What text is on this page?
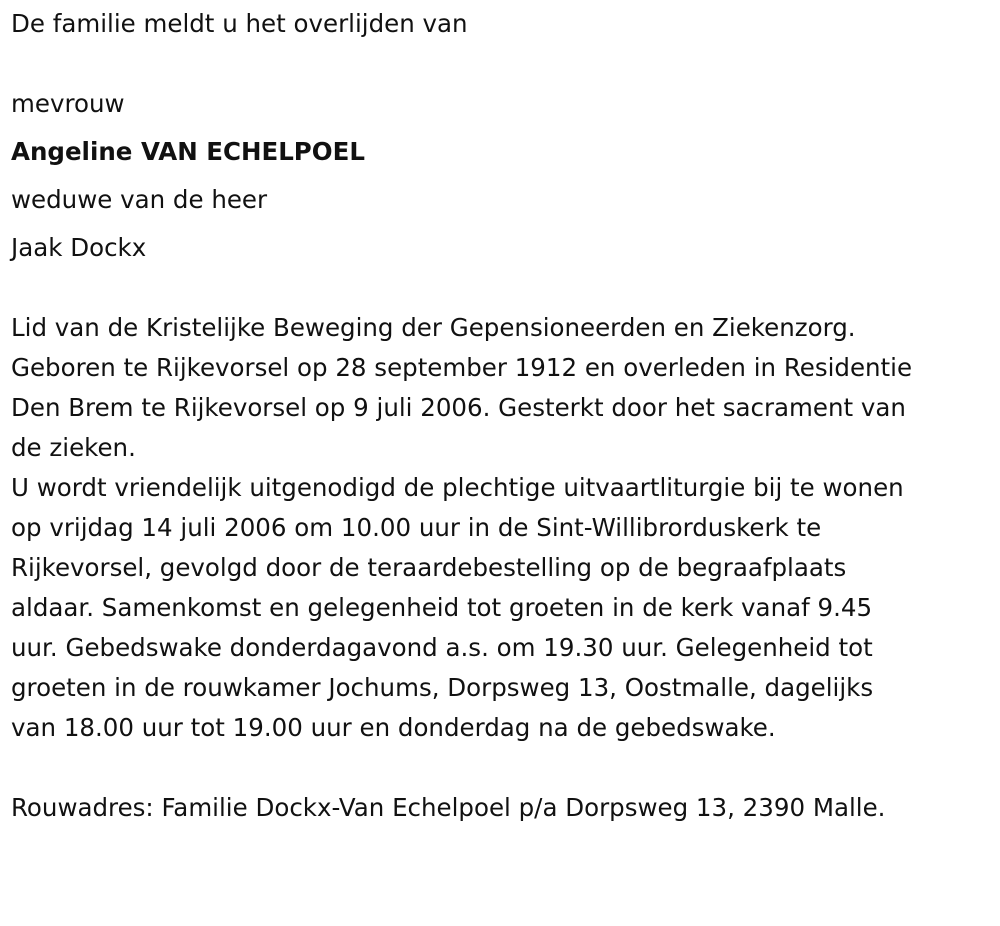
De familie meldt u het overlijden van

mevrouw

Angeline VAN ECHELPOEL

weduwe van de heer

Jaak Dockx

Lid van de Kristelijke Beweging der Gepensioneerden en Ziekenzorg.

Geboren te Rijkevorsel op 28 september 1912 en overleden in Residentie
Den Brem te Rijkevorsel op 9 juli 2006. Gesterkt door het sacrament van
de zieken.

U wordt vriendelijk uitgenodigd de plechtige uitvaartliturgie bij te wonen
op vrijdag 14 juli 2006 om 10.00 uur in de Sint-Willibrorduskerk te
Rijkevorsel, gevolgd door de teraardebestelling op de begraafplaats
aldaar. Samenkomst en gelegenheid tot groeten in de kerk vanaf 9.45
uur. Gebedswake donderdagavond a.s. om 19.30 uur. Gelegenheid tot
groeten in de rouwkamer Jochums, Dorpsweg 13, Oostmalle, dagelijks
van 18.00 uur tot 19.00 uur en donderdag na de gebedswake.

Rouwadres: Familie Dockx-Van Echelpoel p/a Dorpsweg 13, 2390 Malle.
